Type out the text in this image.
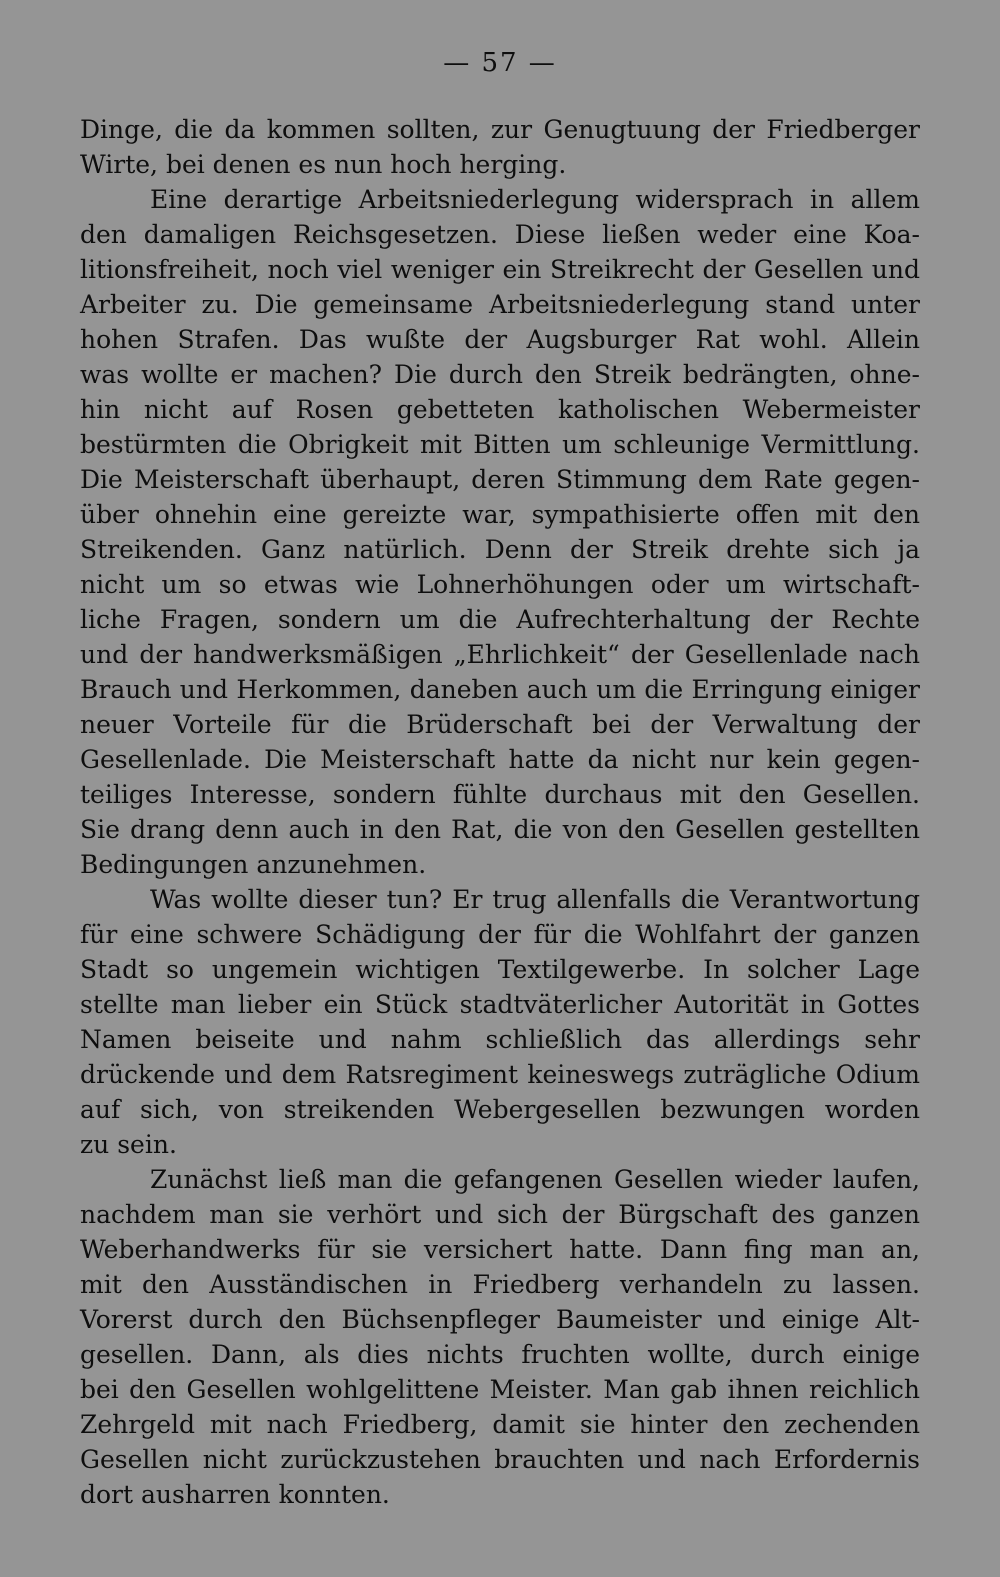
— 57 —
Dinge, die da kommen sollten, zur Genugtuung der Friedberger
Wirte, bei denen es nun hoch herging.
Eine derartige Arbeitsniederlegung widersprach in allem
den damaligen Reichsgesetzen. Diese ließen weder eine Koa-
litionsfreiheit, noch viel weniger ein Streikrecht der Gesellen und
Arbeiter zu. Die gemeinsame Arbeitsniederlegung stand unter
hohen Strafen. Das wußte der Augsburger Rat wohl. Allein
was wollte er machen? Die durch den Streik bedrängten, ohne-
hin nicht auf Rosen gebetteten katholischen Webermeister
bestürmten die Obrigkeit mit Bitten um schleunige Vermittlung.
Die Meisterschaft überhaupt, deren Stimmung dem Rate gegen-
über ohnehin eine gereizte war, sympathisierte offen mit den
Streikenden. Ganz natürlich. Denn der Streik drehte sich ja
nicht um so etwas wie Lohnerhöhungen oder um wirtschaft-
liche Fragen, sondern um die Aufrechterhaltung der Rechte
und der handwerksmäßigen „Ehrlichkeit“ der Gesellenlade nach
Brauch und Herkommen, daneben auch um die Erringung einiger
neuer Vorteile für die Brüderschaft bei der Verwaltung der
Gesellenlade. Die Meisterschaft hatte da nicht nur kein gegen-
teiliges Interesse, sondern fühlte durchaus mit den Gesellen.
Sie drang denn auch in den Rat, die von den Gesellen gestellten
Bedingungen anzunehmen.
Was wollte dieser tun? Er trug allenfalls die Verantwortung
für eine schwere Schädigung der für die Wohlfahrt der ganzen
Stadt so ungemein wichtigen Textilgewerbe. In solcher Lage
stellte man lieber ein Stück stadtväterlicher Autorität in Gottes
Namen beiseite und nahm schließlich das allerdings sehr
drückende und dem Ratsregiment keineswegs zuträgliche Odium
auf sich, von streikenden Webergesellen bezwungen worden
zu sein.
Zunächst ließ man die gefangenen Gesellen wieder laufen,
nachdem man sie verhört und sich der Bürgschaft des ganzen
Weberhandwerks für sie versichert hatte. Dann fing man an,
mit den Ausständischen in Friedberg verhandeln zu lassen.
Vorerst durch den Büchsenpfleger Baumeister und einige Alt-
gesellen. Dann, als dies nichts fruchten wollte, durch einige
bei den Gesellen wohlgelittene Meister. Man gab ihnen reichlich
Zehrgeld mit nach Friedberg, damit sie hinter den zechenden
Gesellen nicht zurückzustehen brauchten und nach Erfordernis
dort ausharren konnten.
